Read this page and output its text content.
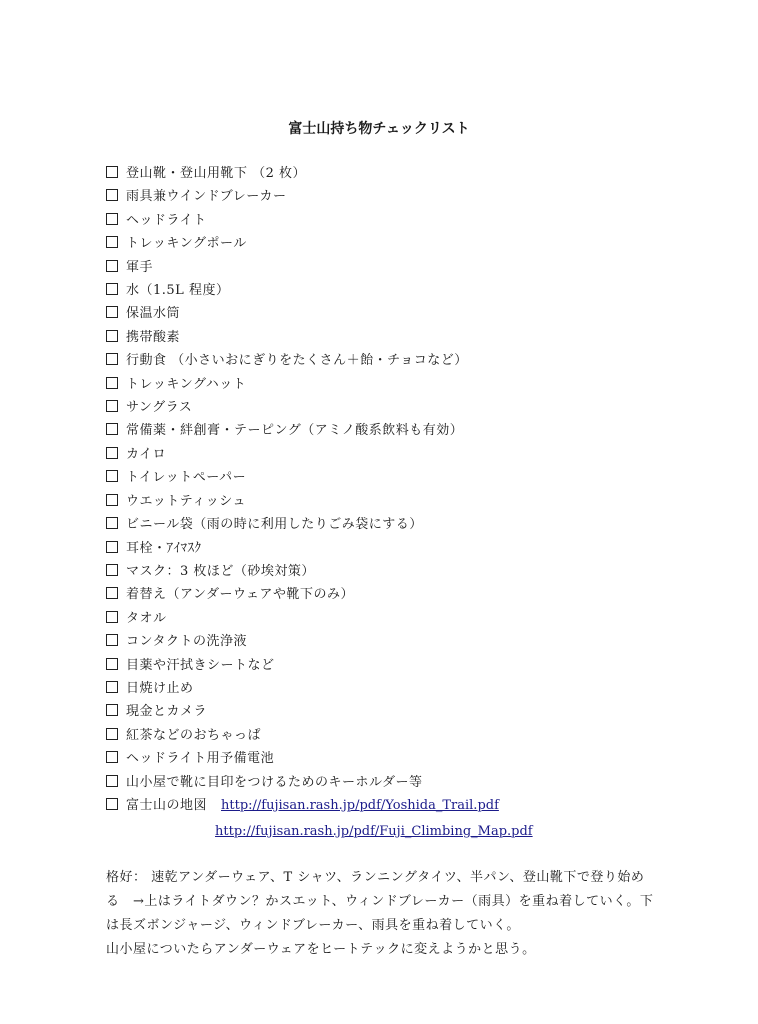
富士山持ち物チェックリスト
登山靴・登山用靴下 （2 枚）
雨具兼ウインドブレーカー
ヘッドライト
トレッキングポール
軍手
水（1.5L 程度）
保温水筒
携帯酸素
行動食 （小さいおにぎりをたくさん＋飴・チョコなど）
トレッキングハット
サングラス
常備薬・絆創膏・テーピング（アミノ酸系飲料も有効）
カイロ
トイレットペーパー
ウエットティッシュ
ビニール袋（雨の時に利用したりごみ袋にする）
耳栓・ｱｲﾏｽｸ
マスク：3 枚ほど（砂埃対策）
着替え（アンダーウェアや靴下のみ）
タオル
コンタクトの洗浄液
目薬や汗拭きシートなど
日焼け止め
現金とカメラ
紅茶などのおちゃっぱ
ヘッドライト用予備電池
山小屋で靴に目印をつけるためのキーホルダー等
富士山の地図 http://fujisan.rash.jp/pdf/Yoshida_Trail.pdf
http://fujisan.rash.jp/pdf/Fuji_Climbing_Map.pdf

格好： 速乾アンダーウェア、T シャツ、ランニングタイツ、半パン、登山靴下で登り始め

る　→上はライトダウン？かスエット、ウィンドブレーカー（雨具）を重ね着していく。下

は長ズボンジャージ、ウィンドブレーカー、雨具を重ね着していく。

山小屋についたらアンダーウェアをヒートテックに変えようかと思う。
